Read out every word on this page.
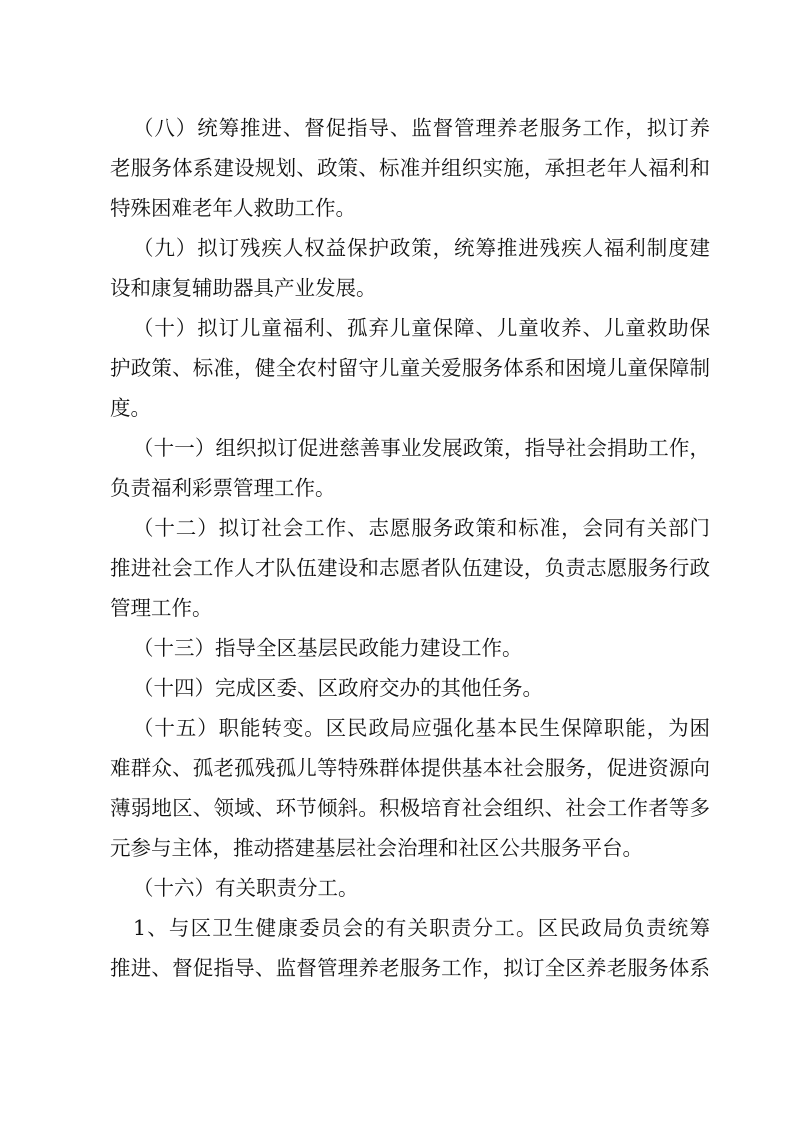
（八）统筹推进、督促指导、监督管理养老服务工作，拟订养
老服务体系建设规划、政策、标准并组织实施，承担老年人福利和
特殊困难老年人救助工作。
（九）拟订残疾人权益保护政策，统筹推进残疾人福利制度建
设和康复辅助器具产业发展。
（十）拟订儿童福利、孤弃儿童保障、儿童收养、儿童救助保
护政策、标准，健全农村留守儿童关爱服务体系和困境儿童保障制
度。
（十一）组织拟订促进慈善事业发展政策，指导社会捐助工作，
负责福利彩票管理工作。
（十二）拟订社会工作、志愿服务政策和标准，会同有关部门
推进社会工作人才队伍建设和志愿者队伍建设，负责志愿服务行政
管理工作。
（十三）指导全区基层民政能力建设工作。
（十四）完成区委、区政府交办的其他任务。
（十五）职能转变。区民政局应强化基本民生保障职能，为困
难群众、孤老孤残孤儿等特殊群体提供基本社会服务，促进资源向
薄弱地区、领域、环节倾斜。积极培育社会组织、社会工作者等多
元参与主体，推动搭建基层社会治理和社区公共服务平台。
（十六）有关职责分工。
1、与区卫生健康委员会的有关职责分工。区民政局负责统筹
推进、督促指导、监督管理养老服务工作，拟订全区养老服务体系
